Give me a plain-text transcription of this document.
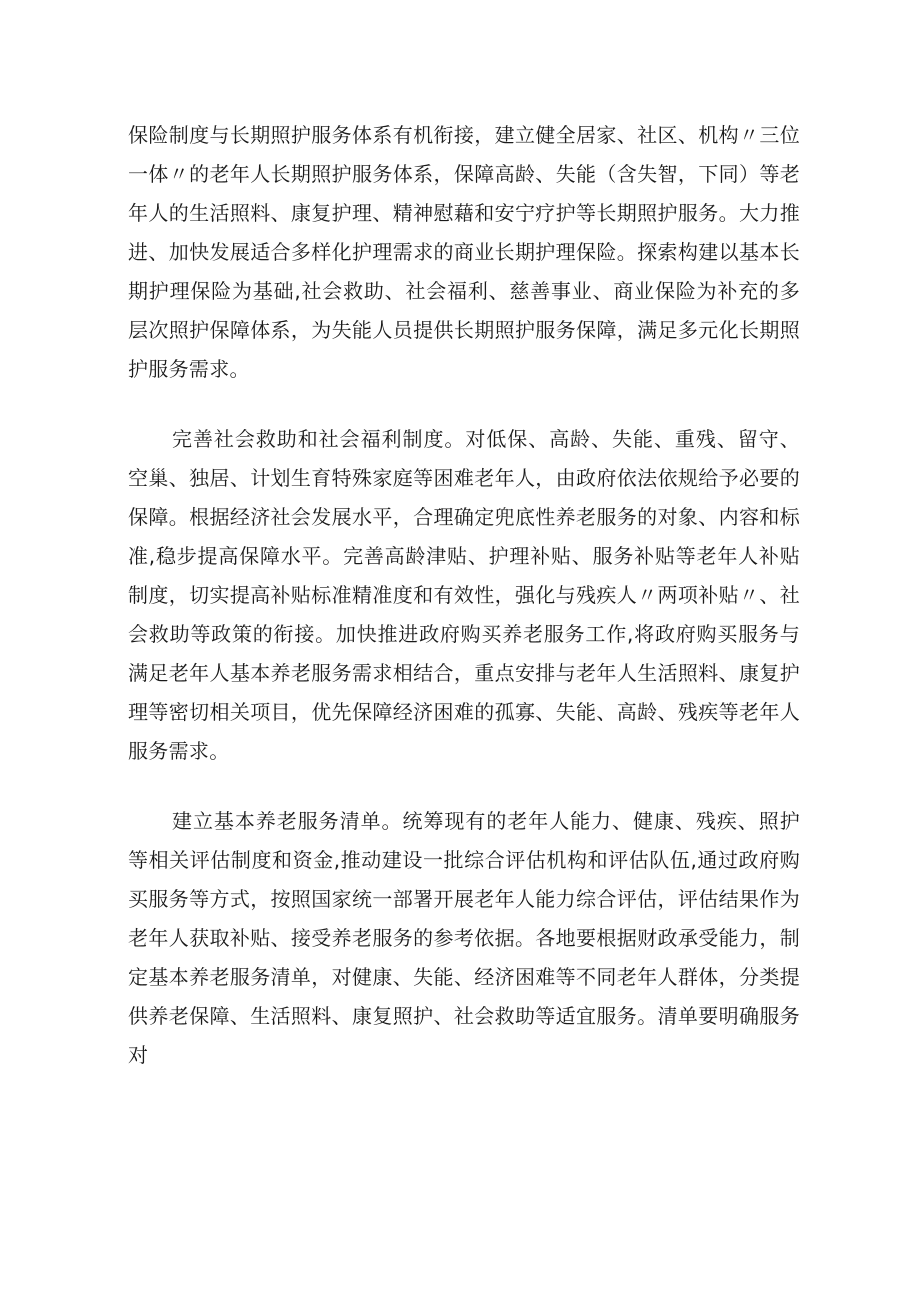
保险制度与长期照护服务体系有机衔接，建立健全居家、社区、机构〃三位一体〃的老年人长期照护服务体系，保障高龄、失能（含失智，下同）等老年人的生活照料、康复护理、精神慰藉和安宁疗护等长期照护服务。大力推进、加快发展适合多样化护理需求的商业长期护理保险。探索构建以基本长期护理保险为基础,社会救助、社会福利、慈善事业、商业保险为补充的多层次照护保障体系，为失能人员提供长期照护服务保障，满足多元化长期照护服务需求。

完善社会救助和社会福利制度。对低保、高龄、失能、重残、留守、空巢、独居、计划生育特殊家庭等困难老年人，由政府依法依规给予必要的保障。根据经济社会发展水平，合理确定兜底性养老服务的对象、内容和标准,稳步提高保障水平。完善高龄津贴、护理补贴、服务补贴等老年人补贴制度，切实提高补贴标准精准度和有效性，强化与残疾人〃两项补贴〃、社会救助等政策的衔接。加快推进政府购买养老服务工作,将政府购买服务与满足老年人基本养老服务需求相结合，重点安排与老年人生活照料、康复护理等密切相关项目，优先保障经济困难的孤寡、失能、高龄、残疾等老年人服务需求。

建立基本养老服务清单。统筹现有的老年人能力、健康、残疾、照护等相关评估制度和资金,推动建设一批综合评估机构和评估队伍,通过政府购买服务等方式，按照国家统一部署开展老年人能力综合评估，评估结果作为老年人获取补贴、接受养老服务的参考依据。各地要根据财政承受能力，制定基本养老服务清单，对健康、失能、经济困难等不同老年人群体，分类提供养老保障、生活照料、康复照护、社会救助等适宜服务。清单要明确服务对
